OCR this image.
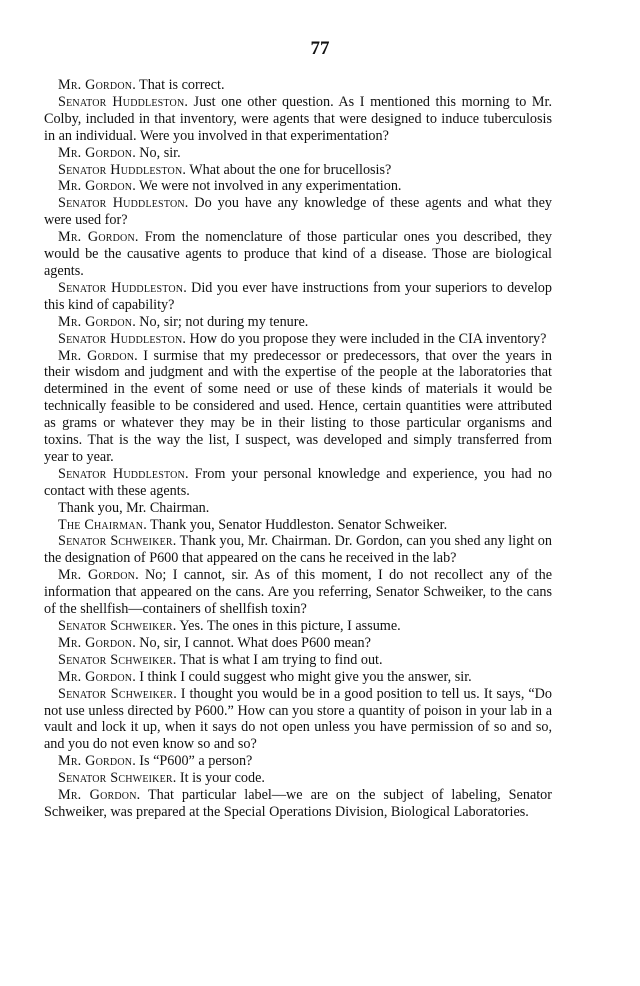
77

Mr. Gordon. That is correct.

Senator Huddleston. Just one other question. As I mentioned this morning to Mr. Colby, included in that inventory, were agents that were designed to induce tuberculosis in an individual. Were you involved in that experimentation?

Mr. Gordon. No, sir.

Senator Huddleston. What about the one for brucellosis?

Mr. Gordon. We were not involved in any experimentation.

Senator Huddleston. Do you have any knowledge of these agents and what they were used for?

Mr. Gordon. From the nomenclature of those particular ones you described, they would be the causative agents to produce that kind of a disease. Those are biological agents.

Senator Huddleston. Did you ever have instructions from your superiors to develop this kind of capability?

Mr. Gordon. No, sir; not during my tenure.

Senator Huddleston. How do you propose they were included in the CIA inventory?

Mr. Gordon. I surmise that my predecessor or predecessors, that over the years in their wisdom and judgment and with the expertise of the people at the laboratories that determined in the event of some need or use of these kinds of materials it would be technically feasible to be considered and used. Hence, certain quantities were attributed as grams or whatever they may be in their listing to those particular organisms and toxins. That is the way the list, I suspect, was developed and simply transferred from year to year.

Senator Huddleston. From your personal knowledge and experience, you had no contact with these agents.

Thank you, Mr. Chairman.

The Chairman. Thank you, Senator Huddleston. Senator Schweiker.

Senator Schweiker. Thank you, Mr. Chairman. Dr. Gordon, can you shed any light on the designation of P600 that appeared on the cans he received in the lab?

Mr. Gordon. No; I cannot, sir. As of this moment, I do not recollect any of the information that appeared on the cans. Are you referring, Senator Schweiker, to the cans of the shellfish—containers of shellfish toxin?

Senator Schweiker. Yes. The ones in this picture, I assume.

Mr. Gordon. No, sir, I cannot. What does P600 mean?

Senator Schweiker. That is what I am trying to find out.

Mr. Gordon. I think I could suggest who might give you the answer, sir.

Senator Schweiker. I thought you would be in a good position to tell us. It says, “Do not use unless directed by P600.” How can you store a quantity of poison in your lab in a vault and lock it up, when it says do not open unless you have permission of so and so, and you do not even know so and so?

Mr. Gordon. Is “P600” a person?

Senator Schweiker. It is your code.

Mr. Gordon. That particular label—we are on the subject of labeling, Senator Schweiker, was prepared at the Special Operations Division, Biological Laboratories.
